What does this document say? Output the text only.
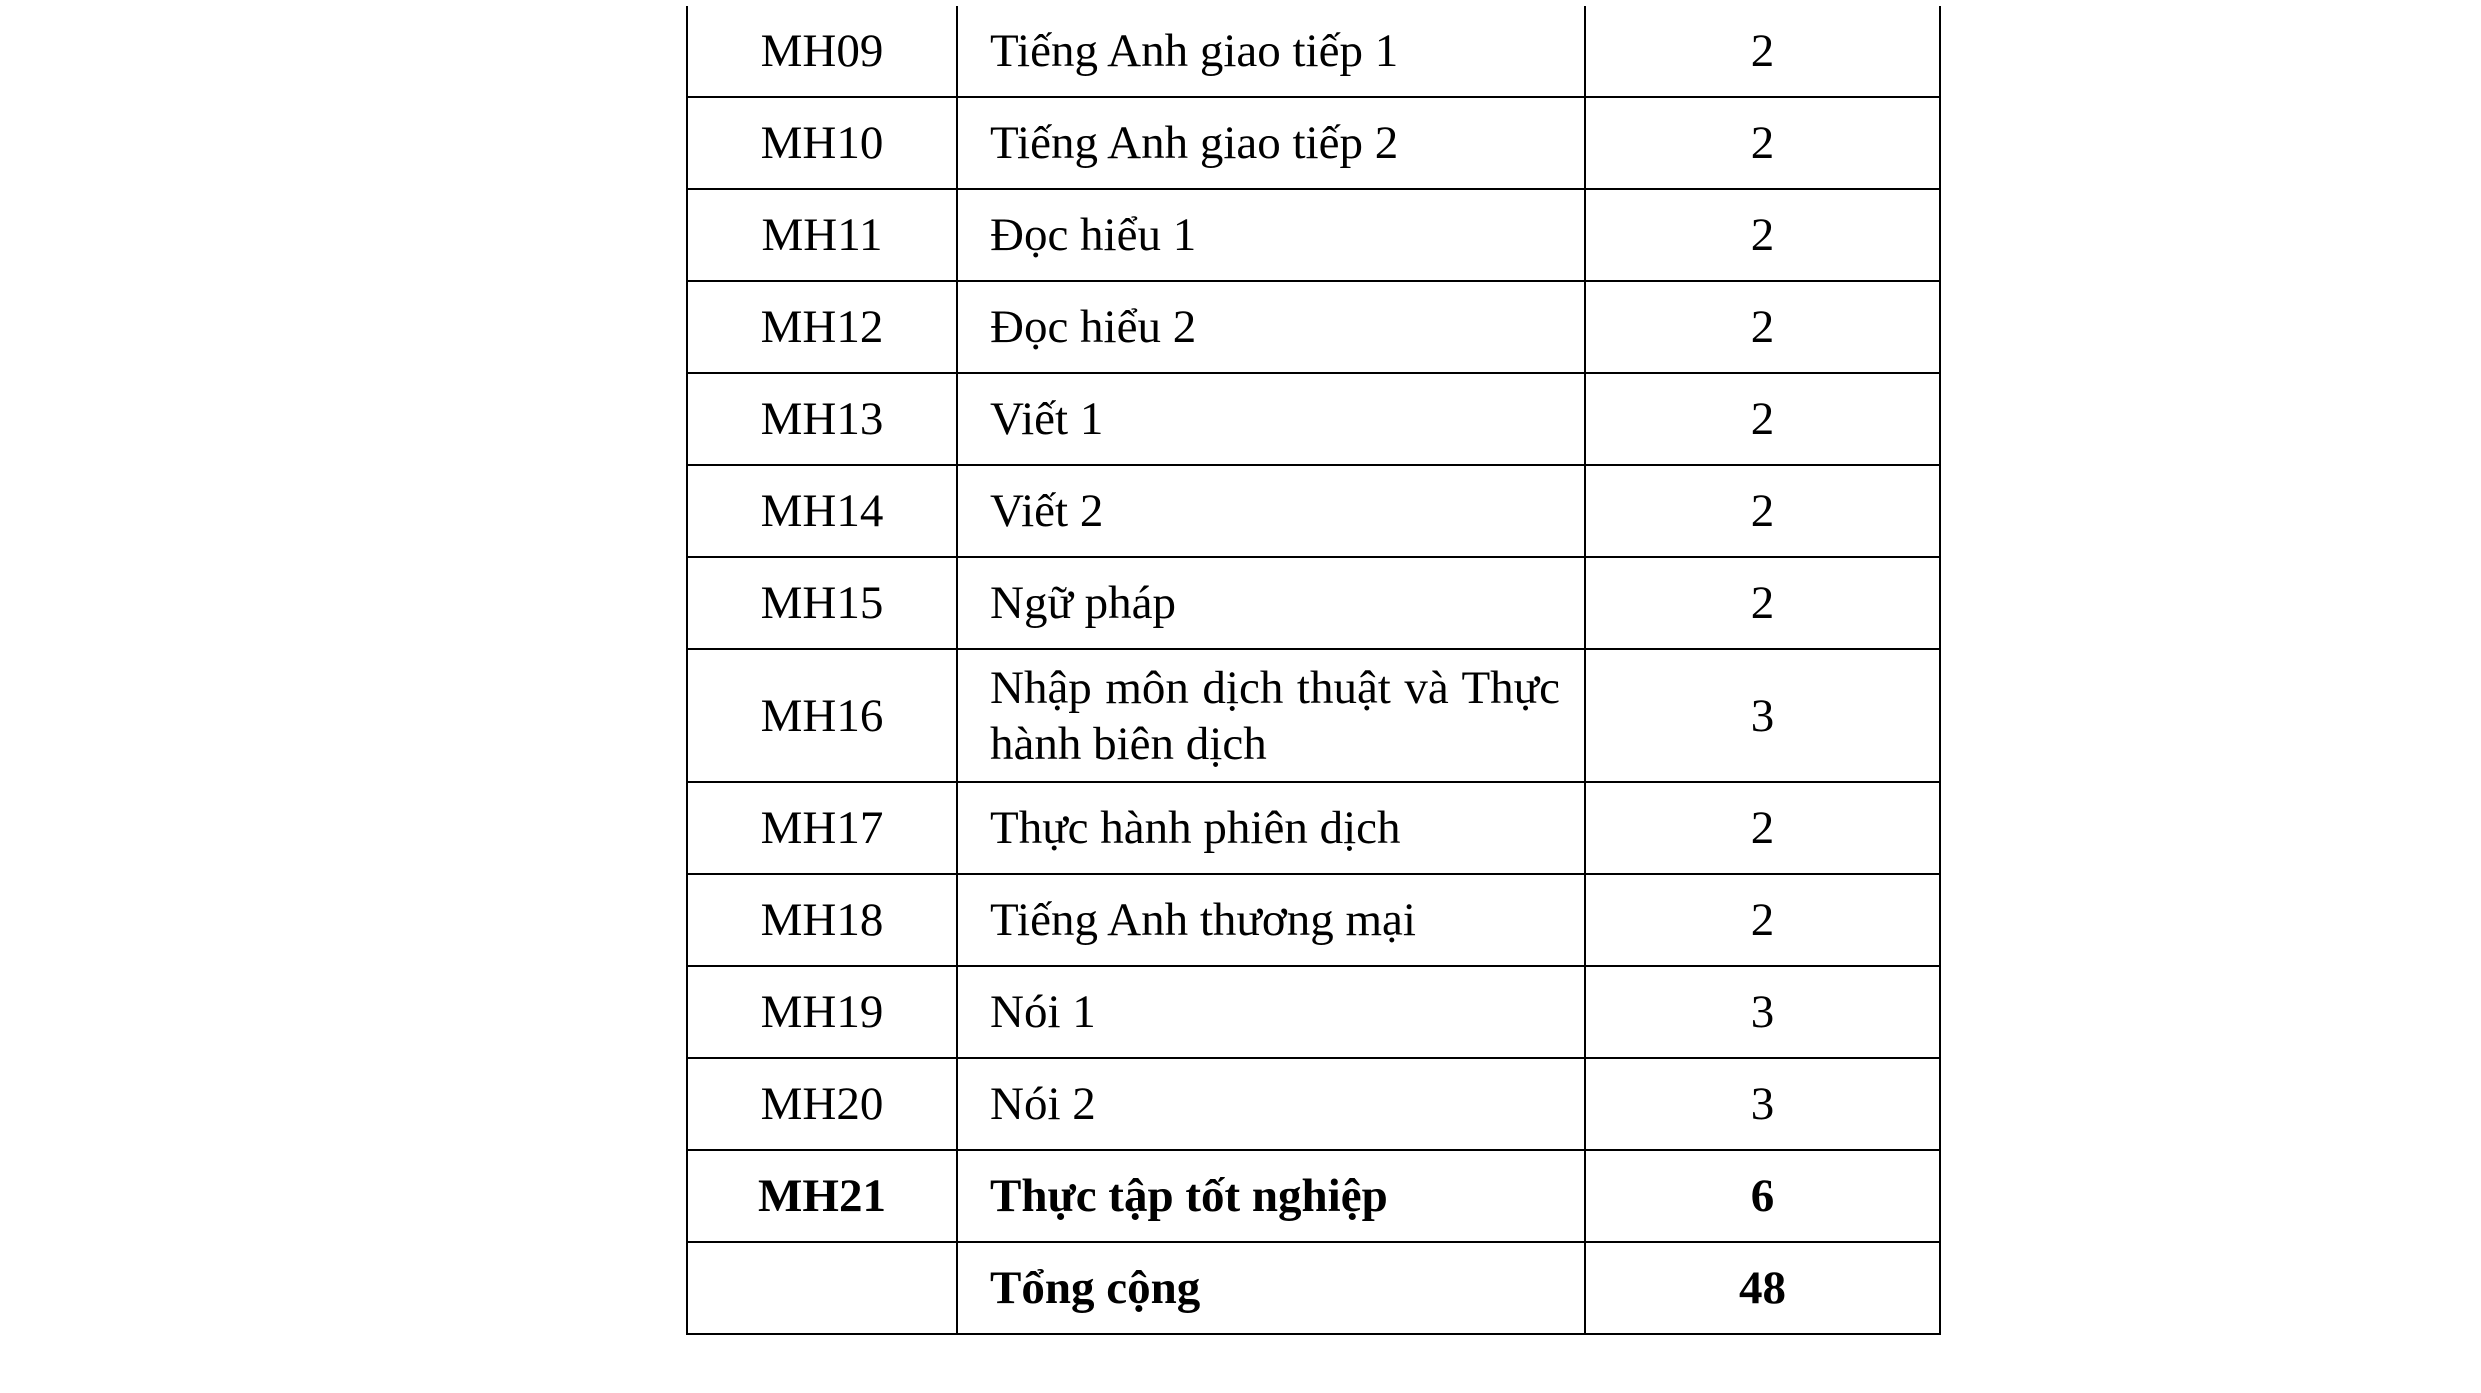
MH09	Tiếng Anh giao tiếp 1	2
MH10	Tiếng Anh giao tiếp 2	2
MH11	Đọc hiểu 1	2
MH12	Đọc hiểu 2	2
MH13	Viết 1	2
MH14	Viết 2	2
MH15	Ngữ pháp	2
MH16	Nhập môn dịch thuật và Thực hành biên dịch	3
MH17	Thực hành phiên dịch	2
MH18	Tiếng Anh thương mại	2
MH19	Nói 1	3
MH20	Nói 2	3
MH21	Thực tập tốt nghiệp	6
	Tổng cộng	48
